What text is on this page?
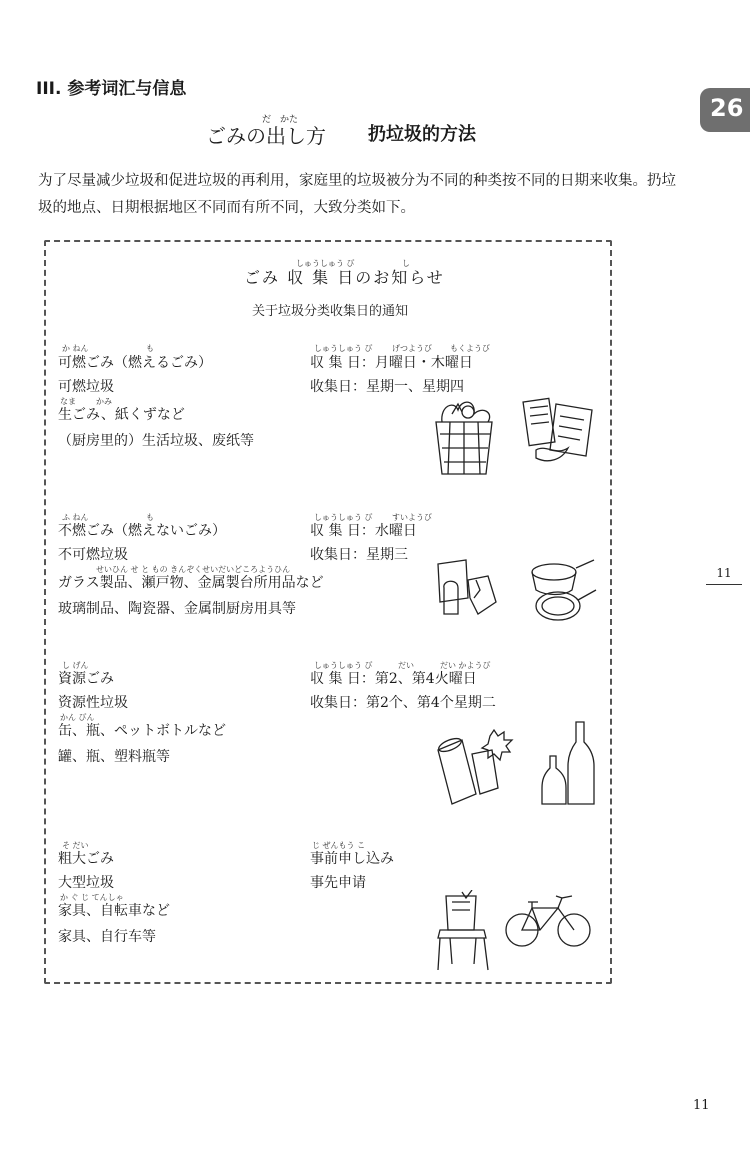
III. 参考词汇与信息
26
だ かた
ごみの出し方 扔垃圾的方法
为了尽量减少垃圾和促进垃圾的再利用，家庭里的垃圾被分为不同的种类按不同的日期来收集。扔垃圾的地点、日期根据地区不同而有所不同，大致分类如下。
11
しゅうしゅう び	し
ごみ 収 集 日のお知らせ
关于垃圾分类收集日的通知
か ねん	も
可燃ごみ（燃えるごみ）
可燃垃圾
しゅうしゅう び げつようび もくようび
収 集 日：月曜日・木曜日
收集日：星期一、星期四
なま	かみ
生ごみ、紙くずなど
（厨房里的）生活垃圾、废纸等
ふ ねん	も
不燃ごみ（燃えないごみ）
不可燃垃圾
しゅうしゅう び すいようび
収 集 日：水曜日
收集日：星期三
せいひん せ と もの きんぞくせいだいどころようひん
ガラス製品、瀬戸物、金属製台所用品など
玻璃制品、陶瓷器、金属制厨房用具等
し げん
資源ごみ
资源性垃圾
しゅうしゅう び	だい	だい かようび
収 集 日：第2、第4火曜日
收集日：第2个、第4个星期二
かん びん
缶、瓶、ペットボトルなど
罐、瓶、塑料瓶等
そ だい
粗大ごみ
大型垃圾
じ ぜんもう こ
事前申し込み
事先申请
か ぐ じ てんしゃ
家具、自転車など
家具、自行车等
11
